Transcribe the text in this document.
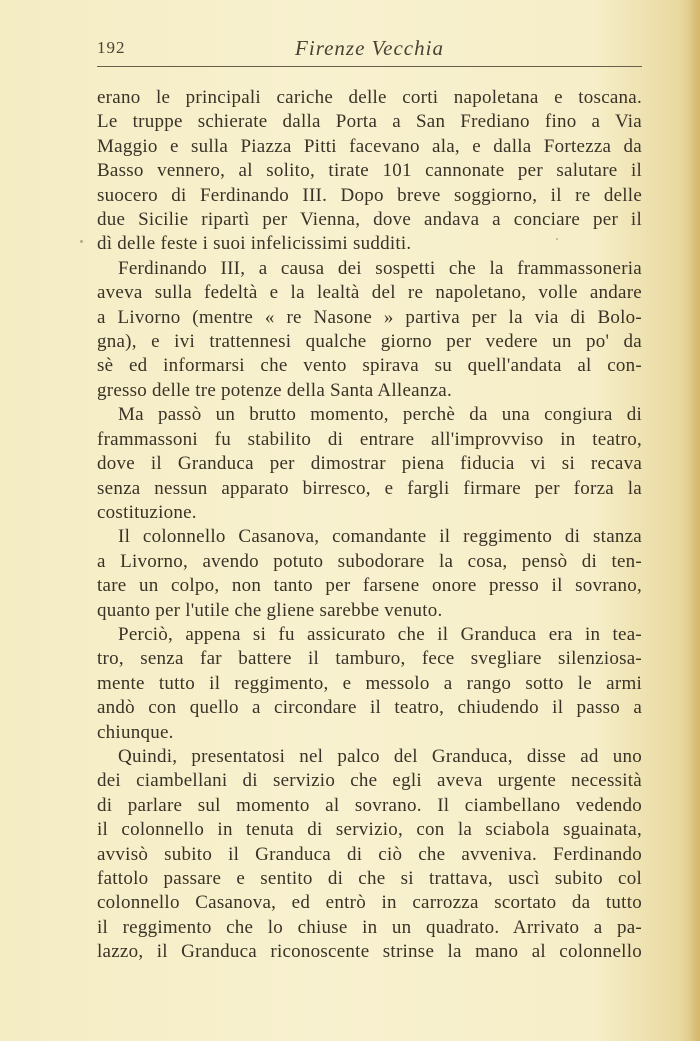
192	Firenze Vecchia
erano le principali cariche delle corti napoletana e toscana.
Le truppe schierate dalla Porta a San Frediano fino a Via
Maggio e sulla Piazza Pitti facevano ala, e dalla Fortezza da
Basso vennero, al solito, tirate 101 cannonate per salutare il
suocero di Ferdinando III. Dopo breve soggiorno, il re delle
due Sicilie ripartì per Vienna, dove andava a conciare per il
dì delle feste i suoi infelicissimi sudditi.
Ferdinando III, a causa dei sospetti che la frammassoneria
aveva sulla fedeltà e la lealtà del re napoletano, volle andare
a Livorno (mentre « re Nasone » partiva per la via di Bolo-
gna), e ivi trattennesi qualche giorno per vedere un po' da
sè ed informarsi che vento spirava su quell'andata al con-
gresso delle tre potenze della Santa Alleanza.
Ma passò un brutto momento, perchè da una congiura di
frammassoni fu stabilito di entrare all'improvviso in teatro,
dove il Granduca per dimostrar piena fiducia vi si recava
senza nessun apparato birresco, e fargli firmare per forza la
costituzione.
Il colonnello Casanova, comandante il reggimento di stanza
a Livorno, avendo potuto subodorare la cosa, pensò di ten-
tare un colpo, non tanto per farsene onore presso il sovrano,
quanto per l'utile che gliene sarebbe venuto.
Perciò, appena si fu assicurato che il Granduca era in tea-
tro, senza far battere il tamburo, fece svegliare silenziosa-
mente tutto il reggimento, e messolo a rango sotto le armi
andò con quello a circondare il teatro, chiudendo il passo a
chiunque.
Quindi, presentatosi nel palco del Granduca, disse ad uno
dei ciambellani di servizio che egli aveva urgente necessità
di parlare sul momento al sovrano. Il ciambellano vedendo
il colonnello in tenuta di servizio, con la sciabola sguainata,
avvisò subito il Granduca di ciò che avveniva. Ferdinando
fattolo passare e sentito di che si trattava, uscì subito col
colonnello Casanova, ed entrò in carrozza scortato da tutto
il reggimento che lo chiuse in un quadrato. Arrivato a pa-
lazzo, il Granduca riconoscente strinse la mano al colonnello
